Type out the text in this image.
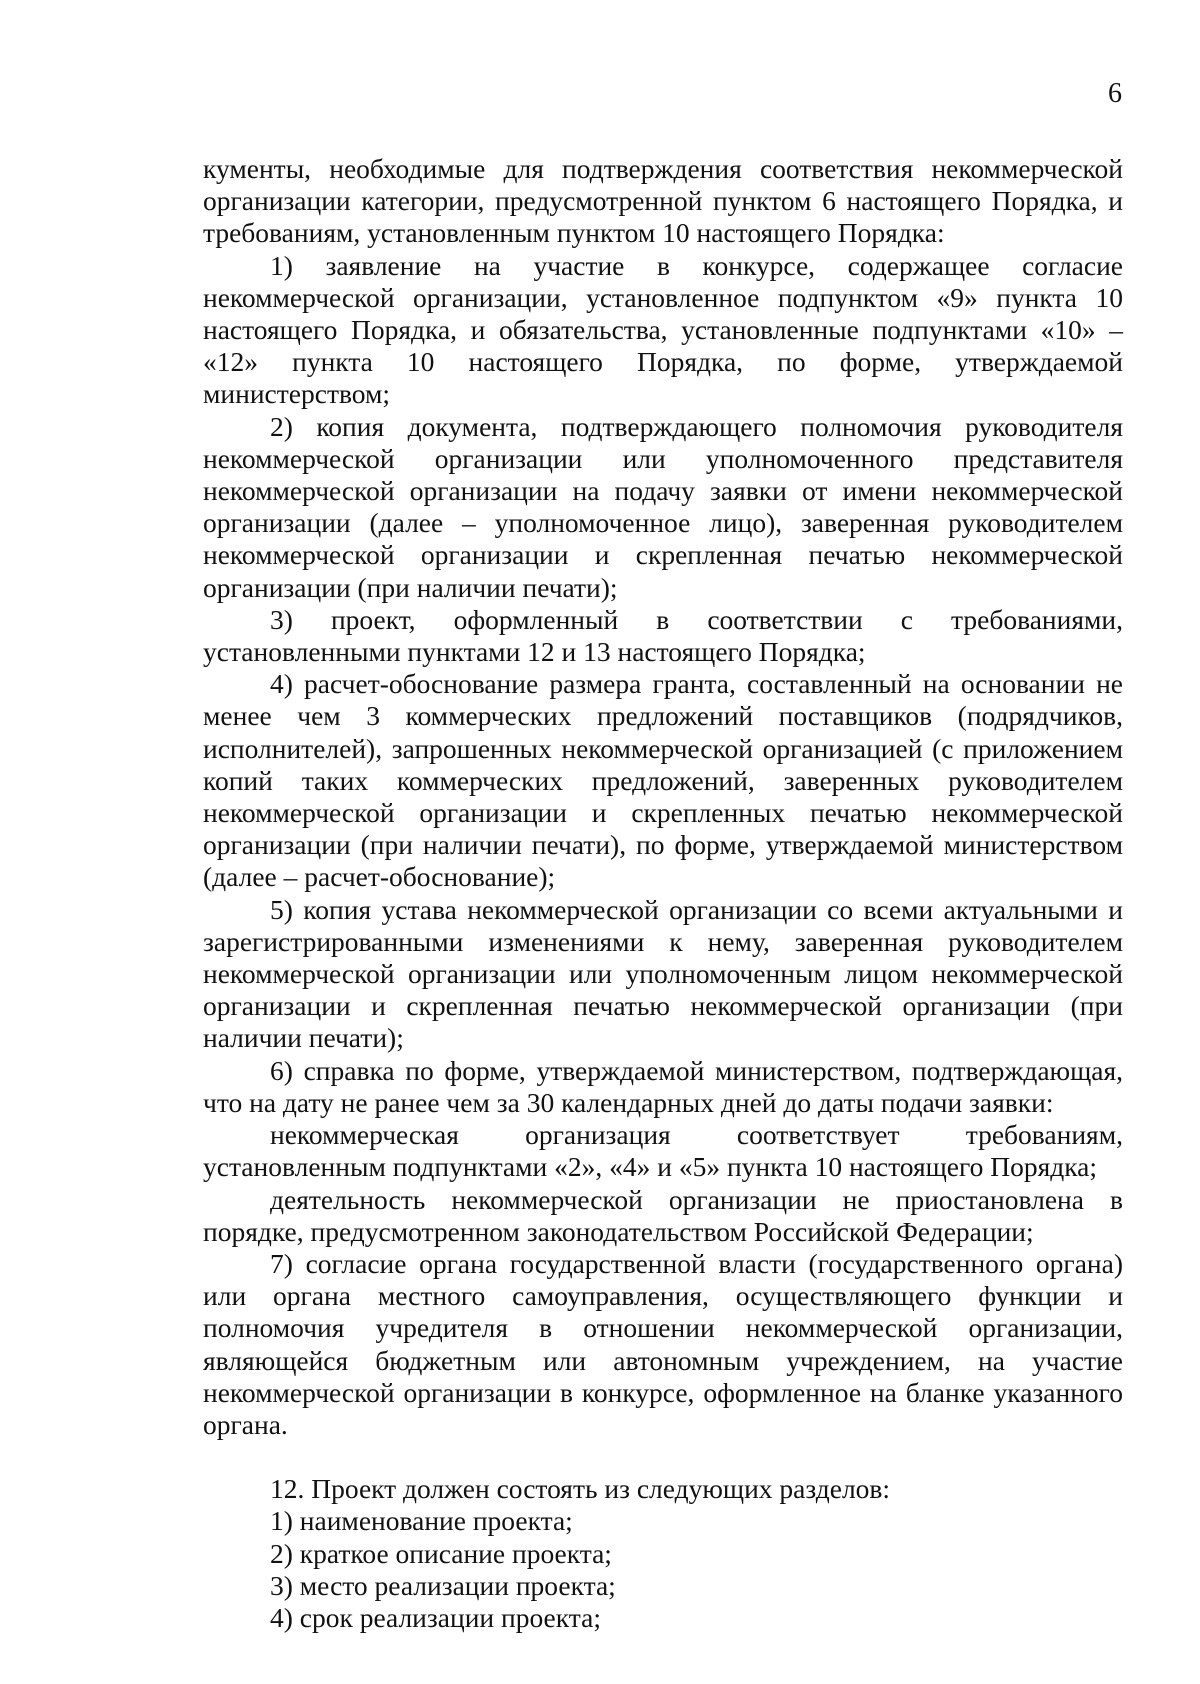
6

кументы, необходимые для подтверждения соответствия некоммерческой организации категории, предусмотренной пунктом 6 настоящего Порядка, и требованиям, установленным пунктом 10 настоящего Порядка:

1) заявление на участие в конкурсе, содержащее согласие некоммерческой организации, установленное подпунктом «9» пункта 10 настоящего Порядка, и обязательства, установленные подпунктами «10» – «12» пункта 10 настоящего Порядка, по форме, утверждаемой министерством;

2) копия документа, подтверждающего полномочия руководителя некоммерческой организации или уполномоченного представителя некоммерческой организации на подачу заявки от имени некоммерческой организации (далее – уполномоченное лицо), заверенная руководителем некоммерческой организации и скрепленная печатью некоммерческой организации (при наличии печати);

3) проект, оформленный в соответствии с требованиями, установленными пунктами 12 и 13 настоящего Порядка;

4) расчет-обоснование размера гранта, составленный на основании не менее чем 3 коммерческих предложений поставщиков (подрядчиков, исполнителей), запрошенных некоммерческой организацией (с приложением копий таких коммерческих предложений, заверенных руководителем некоммерческой организации и скрепленных печатью некоммерческой организации (при наличии печати), по форме, утверждаемой министерством (далее – расчет-обоснование);

5) копия устава некоммерческой организации со всеми актуальными и зарегистрированными изменениями к нему, заверенная руководителем некоммерческой организации или уполномоченным лицом некоммерческой организации и скрепленная печатью некоммерческой организации (при наличии печати);

6) справка по форме, утверждаемой министерством, подтверждающая, что на дату не ранее чем за 30 календарных дней до даты подачи заявки:

некоммерческая организация соответствует требованиям, установленным подпунктами «2», «4» и «5» пункта 10 настоящего Порядка;

деятельность некоммерческой организации не приостановлена в порядке, предусмотренном законодательством Российской Федерации;

7) согласие органа государственной власти (государственного органа) или органа местного самоуправления, осуществляющего функции и полномочия учредителя в отношении некоммерческой организации, являющейся бюджетным или автономным учреждением, на участие некоммерческой организации в конкурсе, оформленное на бланке указанного органа.

12. Проект должен состоять из следующих разделов:

1) наименование проекта;

2) краткое описание проекта;

3) место реализации проекта;

4) срок реализации проекта;
